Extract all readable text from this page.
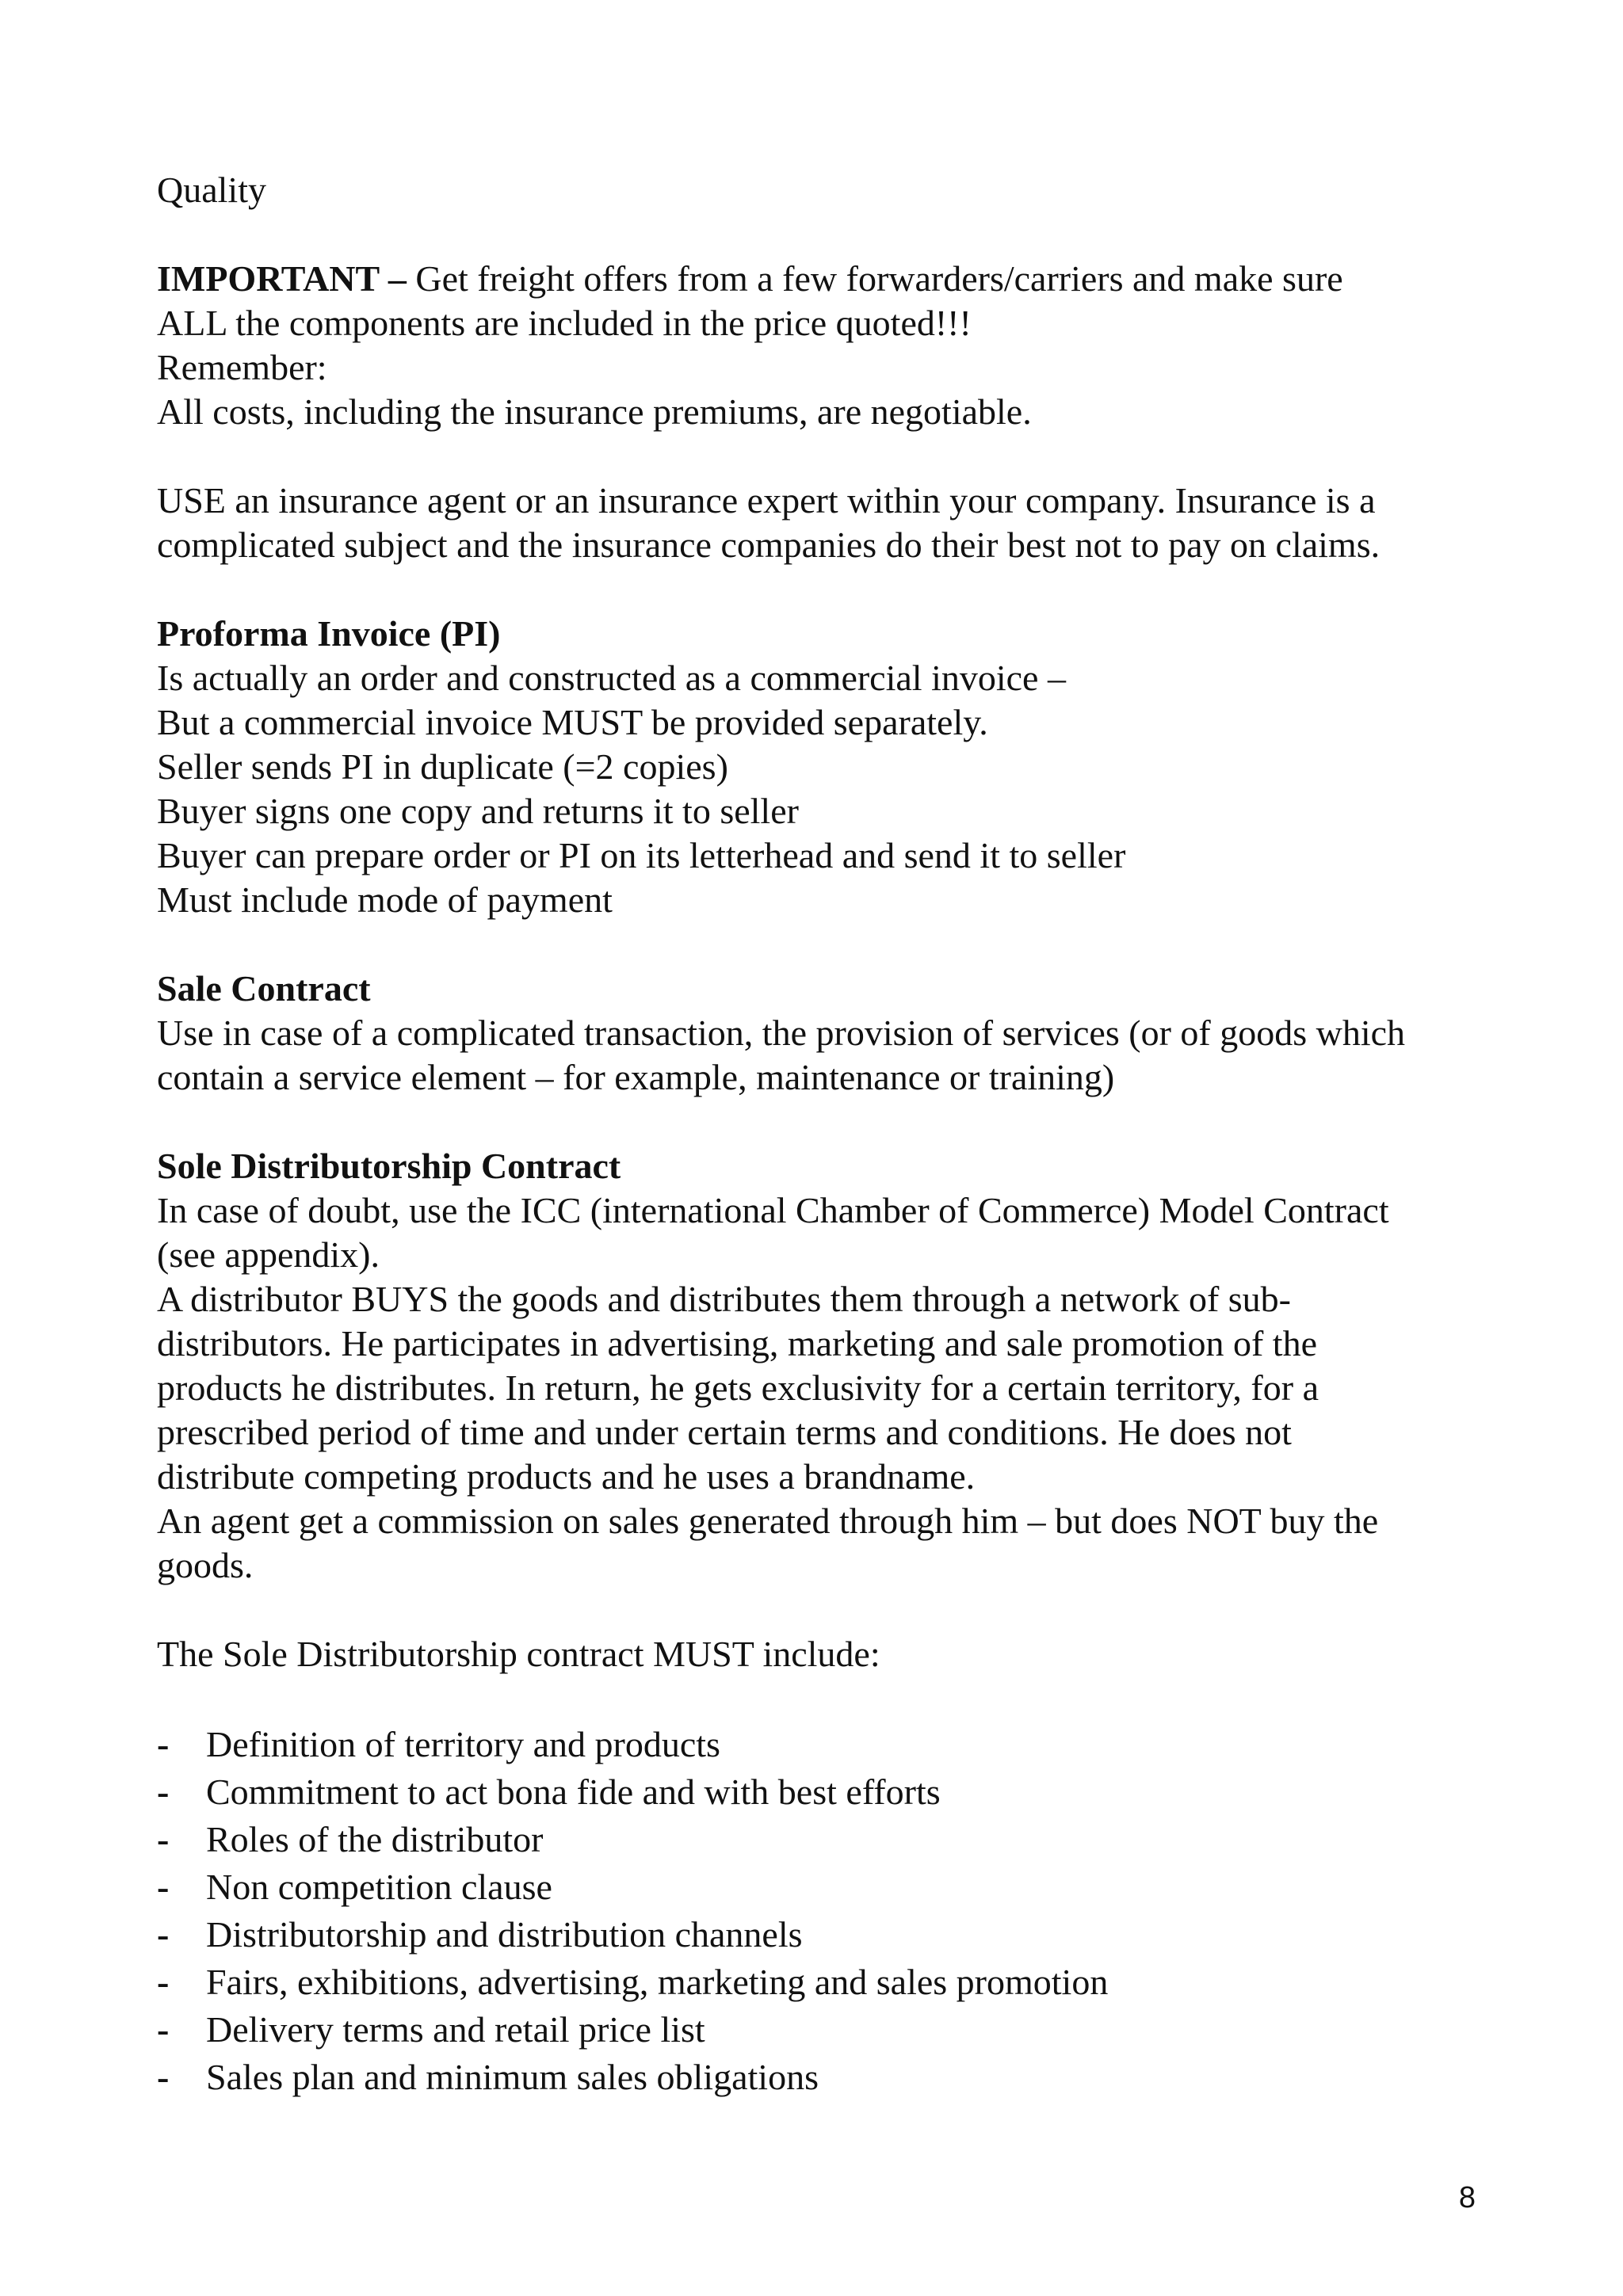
Quality
IMPORTANT – Get freight offers from a few forwarders/carriers and make sure
ALL the components are included in the price quoted!!!
Remember:
All costs, including the insurance premiums, are negotiable.
USE an insurance agent or an insurance expert within your company. Insurance is a
complicated subject and the insurance companies do their best not to pay on claims.
Proforma Invoice (PI)
Is actually an order and constructed as a commercial invoice –
But a commercial invoice MUST be provided separately.
Seller sends PI in duplicate (=2 copies)
Buyer signs one copy and returns it to seller
Buyer can prepare order or PI on its letterhead and send it to seller
Must include mode of payment
Sale Contract
Use in case of a complicated transaction, the provision of services (or of goods which
contain a service element – for example, maintenance or training)
Sole Distributorship Contract
In case of doubt, use the ICC (international Chamber of Commerce) Model Contract
(see appendix).
A distributor BUYS the goods and distributes them through a network of sub-
distributors. He participates in advertising, marketing and sale promotion of the
products he distributes. In return, he gets exclusivity for a certain territory, for a
prescribed period of time and under certain terms and conditions. He does not
distribute competing products and he uses a brandname.
An agent get a commission on sales generated through him – but does NOT buy the
goods.
The Sole Distributorship contract MUST include:
-	Definition of territory and products
-	Commitment to act bona fide and with best efforts
-	Roles of the distributor
-	Non competition clause
-	Distributorship and distribution channels
-	Fairs, exhibitions, advertising, marketing and sales promotion
-	Delivery terms and retail price list
-	Sales plan and minimum sales obligations
8
